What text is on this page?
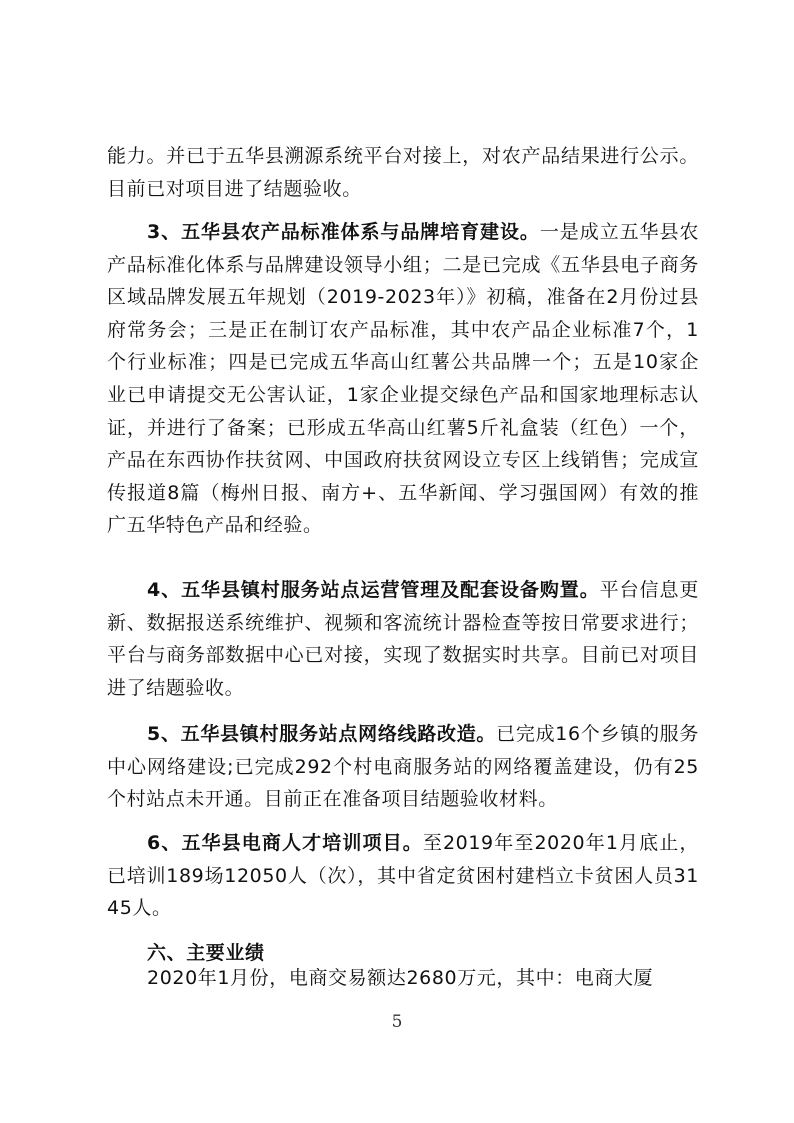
能力。并已于五华县溯源系统平台对接上，对农产品结果进行公示。目前已对项目进了结题验收。

3、五华县农产品标准体系与品牌培育建设。一是成立五华县农产品标准化体系与品牌建设领导小组；二是已完成《五华县电子商务区域品牌发展五年规划（2019-2023年）》初稿，准备在2月份过县府常务会；三是正在制订农产品标准，其中农产品企业标准7个，1个行业标准；四是已完成五华高山红薯公共品牌一个；五是10家企业已申请提交无公害认证，1家企业提交绿色产品和国家地理标志认证，并进行了备案；已形成五华高山红薯5斤礼盒装（红色）一个，产品在东西协作扶贫网、中国政府扶贫网设立专区上线销售；完成宣传报道8篇（梅州日报、南方+、五华新闻、学习强国网）有效的推广五华特色产品和经验。

4、五华县镇村服务站点运营管理及配套设备购置。平台信息更新、数据报送系统维护、视频和客流统计器检查等按日常要求进行；平台与商务部数据中心已对接，实现了数据实时共享。目前已对项目进了结题验收。

5、五华县镇村服务站点网络线路改造。已完成16个乡镇的服务中心网络建设;已完成292个村电商服务站的网络覆盖建设，仍有25个村站点未开通。目前正在准备项目结题验收材料。

6、五华县电商人才培训项目。至2019年至2020年1月底止，已培训189场12050人（次），其中省定贫困村建档立卡贫困人员3145人。

六、主要业绩

2020年1月份，电商交易额达2680万元，其中：电商大厦

5
